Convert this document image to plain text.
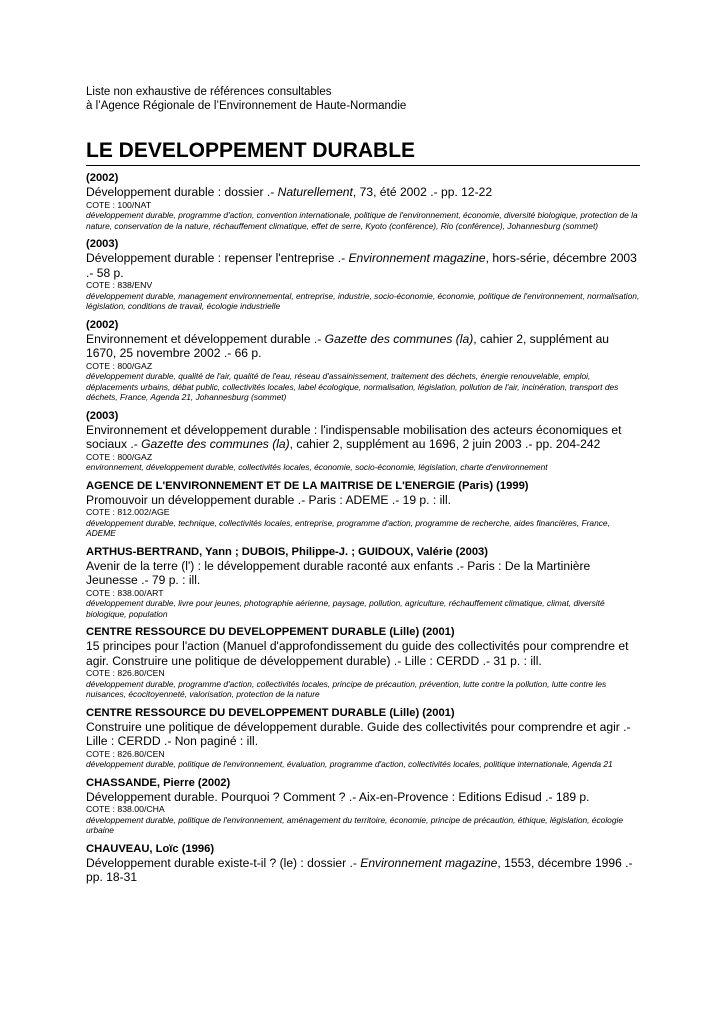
Liste non exhaustive de références consultables
à l’Agence Régionale de l’Environnement de Haute-Normandie
LE DEVELOPPEMENT DURABLE
(2002)
Développement durable : dossier .- Naturellement, 73, été 2002 .- pp. 12-22
COTE : 100/NAT
développement durable, programme d'action, convention internationale, politique de l'environnement, économie, diversité biologique, protection de la nature, conservation de la nature, réchauffement climatique, effet de serre, Kyoto (conférence), Rio (conférence), Johannesburg (sommet)
(2003)
Développement durable : repenser l'entreprise .- Environnement magazine, hors-série, décembre 2003 .- 58 p.
COTE : 838/ENV
développement durable, management environnemental, entreprise, industrie, socio-économie, économie, politique de l'environnement, normalisation, législation, conditions de travail, écologie industrielle
(2002)
Environnement et développement durable .- Gazette des communes (la), cahier 2, supplément au 1670, 25 novembre 2002 .- 66 p.
COTE : 800/GAZ
développement durable, qualité de l'air, qualité de l'eau, réseau d'assainissement, traitement des déchets, énergie renouvelable, emploi, déplacements urbains, débat public, collectivités locales, label écologique, normalisation, législation, pollution de l'air, incinération, transport des déchets, France, Agenda 21, Johannesburg (sommet)
(2003)
Environnement et développement durable : l'indispensable mobilisation des acteurs économiques et sociaux .- Gazette des communes (la), cahier 2, supplément au 1696, 2 juin 2003 .- pp. 204-242
COTE : 800/GAZ
environnement, développement durable, collectivités locales, économie, socio-économie, législation, charte d'environnement
AGENCE DE L'ENVIRONNEMENT ET DE LA MAITRISE DE L'ENERGIE (Paris) (1999)
Promouvoir un développement durable .- Paris : ADEME .- 19 p. : ill.
COTE : 812.002/AGE
développement durable, technique, collectivités locales, entreprise, programme d'action, programme de recherche, aides financières, France, ADEME
ARTHUS-BERTRAND, Yann ; DUBOIS, Philippe-J. ; GUIDOUX, Valérie (2003)
Avenir de la terre (l') : le développement durable raconté aux enfants .- Paris : De la Martinière Jeunesse .- 79 p. : ill.
COTE : 838.00/ART
développement durable, livre pour jeunes, photographie aérienne, paysage, pollution, agriculture, réchauffement climatique, climat, diversité biologique, population
CENTRE RESSOURCE DU DEVELOPPEMENT DURABLE (Lille) (2001)
15 principes pour l'action (Manuel d'approfondissement du guide des collectivités pour comprendre et agir. Construire une politique de développement durable) .- Lille : CERDD .- 31 p. : ill.
COTE : 826.80/CEN
développement durable, programme d'action, collectivités locales, principe de précaution, prévention, lutte contre la pollution, lutte contre les nuisances, écocitoyenneté, valorisation, protection de la nature
CENTRE RESSOURCE DU DEVELOPPEMENT DURABLE (Lille) (2001)
Construire une politique de développement durable. Guide des collectivités pour comprendre et agir .- Lille : CERDD .- Non paginé : ill.
COTE : 826.80/CEN
développement durable, politique de l'environnement, évaluation, programme d'action, collectivités locales, politique internationale, Agenda 21
CHASSANDE, Pierre (2002)
Développement durable. Pourquoi ? Comment ? .- Aix-en-Provence : Editions Edisud .- 189 p.
COTE : 838.00/CHA
développement durable, politique de l'environnement, aménagement du territoire, économie, principe de précaution, éthique, législation, écologie urbaine
CHAUVEAU, Loïc (1996)
Développement durable existe-t-il ? (le) : dossier .- Environnement magazine, 1553, décembre 1996 .- pp. 18-31
